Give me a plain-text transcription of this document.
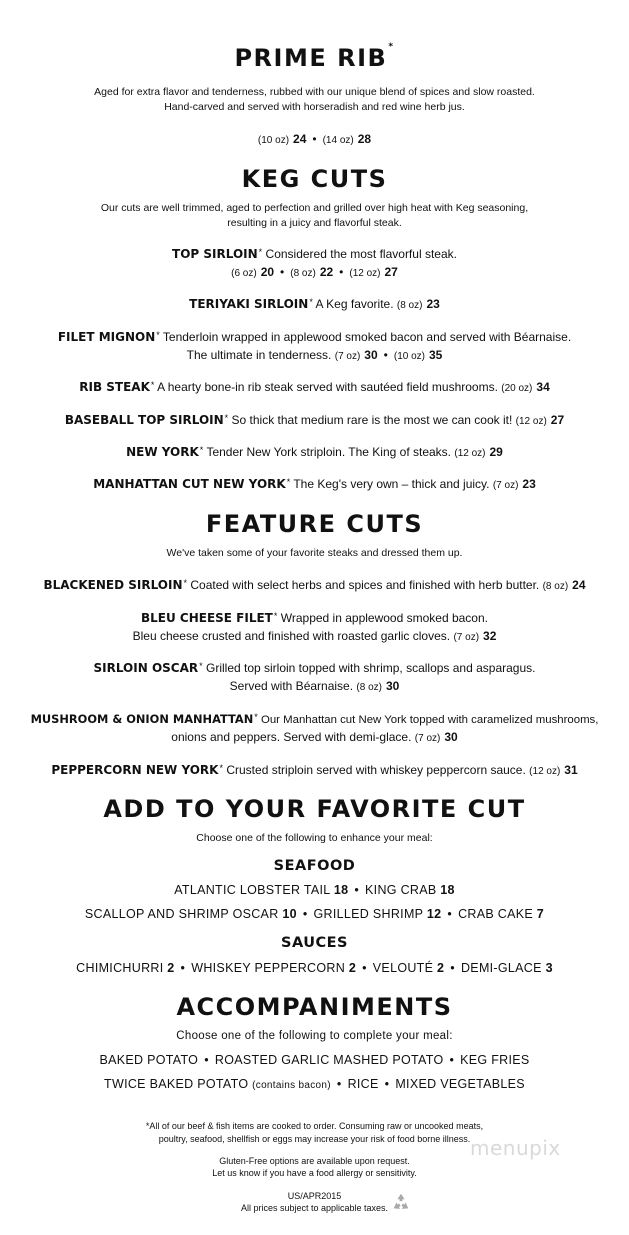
PRIME RIB*
Aged for extra flavor and tenderness, rubbed with our unique blend of spices and slow roasted.
Hand-carved and served with horseradish and red wine herb jus.
(10 oz) 24 • (14 oz) 28
KEG CUTS
Our cuts are well trimmed, aged to perfection and grilled over high heat with Keg seasoning,
resulting in a juicy and flavorful steak.
TOP SIRLOIN* Considered the most flavorful steak.
(6 oz) 20 • (8 oz) 22 • (12 oz) 27
TERIYAKI SIRLOIN* A Keg favorite. (8 oz) 23
FILET MIGNON* Tenderloin wrapped in applewood smoked bacon and served with Béarnaise.
The ultimate in tenderness. (7 oz) 30 • (10 oz) 35
RIB STEAK* A hearty bone-in rib steak served with sautéed field mushrooms. (20 oz) 34
BASEBALL TOP SIRLOIN* So thick that medium rare is the most we can cook it! (12 oz) 27
NEW YORK* Tender New York striploin. The King of steaks. (12 oz) 29
MANHATTAN CUT NEW YORK* The Keg's very own – thick and juicy. (7 oz) 23
FEATURE CUTS
We've taken some of your favorite steaks and dressed them up.
BLACKENED SIRLOIN* Coated with select herbs and spices and finished with herb butter. (8 oz) 24
BLEU CHEESE FILET* Wrapped in applewood smoked bacon.
Bleu cheese crusted and finished with roasted garlic cloves. (7 oz) 32
SIRLOIN OSCAR* Grilled top sirloin topped with shrimp, scallops and asparagus.
Served with Béarnaise. (8 oz) 30
MUSHROOM & ONION MANHATTAN* Our Manhattan cut New York topped with caramelized mushrooms,
onions and peppers. Served with demi-glace. (7 oz) 30
PEPPERCORN NEW YORK* Crusted striploin served with whiskey peppercorn sauce. (12 oz) 31
ADD TO YOUR FAVORITE CUT
Choose one of the following to enhance your meal:
SEAFOOD
ATLANTIC LOBSTER TAIL 18 • KING CRAB 18
SCALLOP AND SHRIMP OSCAR 10 • GRILLED SHRIMP 12 • CRAB CAKE 7
SAUCES
CHIMICHURRI 2 • WHISKEY PEPPERCORN 2 • VELOUTÉ 2 • DEMI-GLACE 3
ACCOMPANIMENTS
Choose one of the following to complete your meal:
BAKED POTATO • ROASTED GARLIC MASHED POTATO • KEG FRIES
TWICE BAKED POTATO (contains bacon) • RICE • MIXED VEGETABLES
*All of our beef & fish items are cooked to order. Consuming raw or uncooked meats,
poultry, seafood, shellfish or eggs may increase your risk of food borne illness.
Gluten-Free options are available upon request.
Let us know if you have a food allergy or sensitivity.
US/APR2015
All prices subject to applicable taxes.
menupix
